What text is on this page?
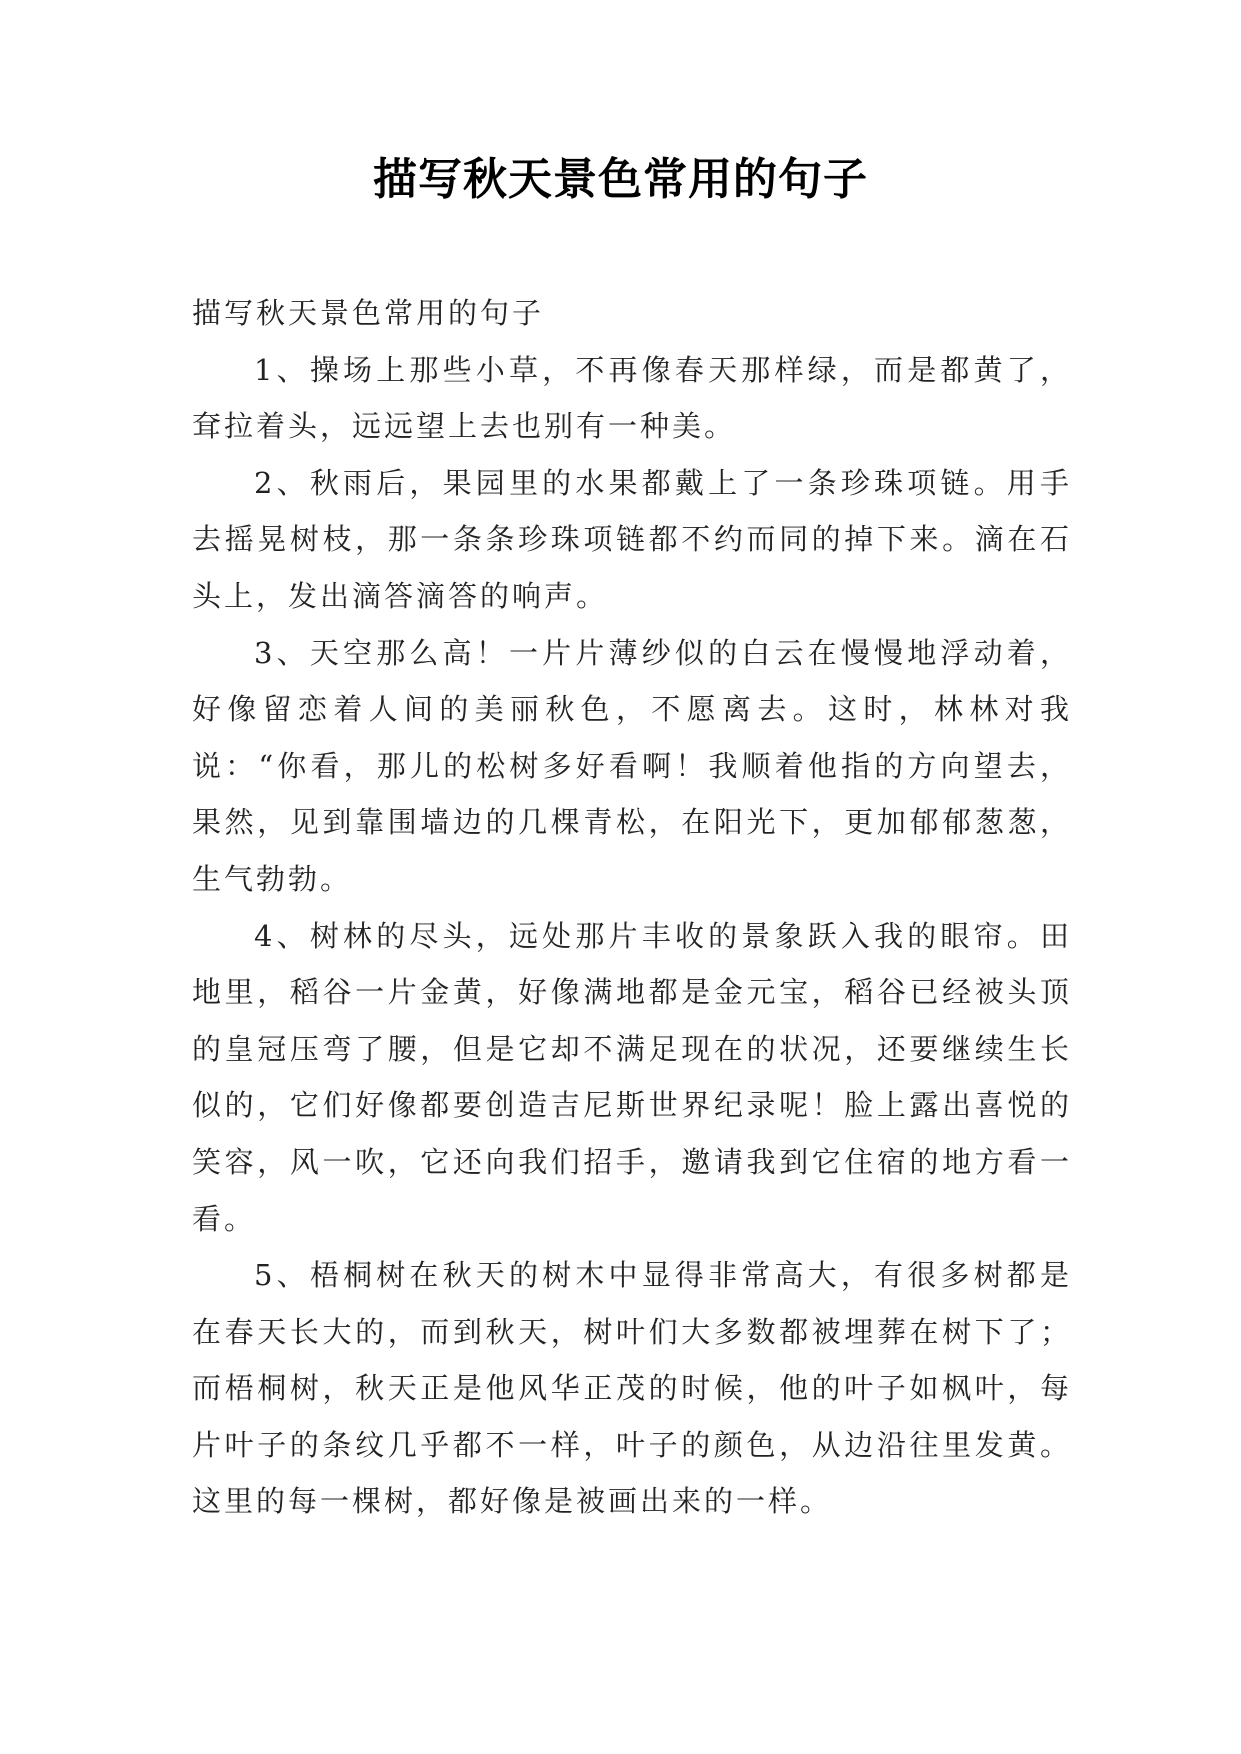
描写秋天景色常用的句子

描写秋天景色常用的句子

1、操场上那些小草，不再像春天那样绿，而是都黄了，耷拉着头，远远望上去也别有一种美。

2、秋雨后，果园里的水果都戴上了一条珍珠项链。用手去摇晃树枝，那一条条珍珠项链都不约而同的掉下来。滴在石头上，发出滴答滴答的响声。

3、天空那么高！一片片薄纱似的白云在慢慢地浮动着，好像留恋着人间的美丽秋色，不愿离去。这时，林林对我说：“你看，那儿的松树多好看啊！我顺着他指的方向望去，果然，见到靠围墙边的几棵青松，在阳光下，更加郁郁葱葱，生气勃勃。

4、树林的尽头，远处那片丰收的景象跃入我的眼帘。田地里，稻谷一片金黄，好像满地都是金元宝，稻谷已经被头顶的皇冠压弯了腰，但是它却不满足现在的状况，还要继续生长似的，它们好像都要创造吉尼斯世界纪录呢！脸上露出喜悦的笑容，风一吹，它还向我们招手，邀请我到它住宿的地方看一看。

5、梧桐树在秋天的树木中显得非常高大，有很多树都是在春天长大的，而到秋天，树叶们大多数都被埋葬在树下了；而梧桐树，秋天正是他风华正茂的时候，他的叶子如枫叶，每片叶子的条纹几乎都不一样，叶子的颜色，从边沿往里发黄。这里的每一棵树，都好像是被画出来的一样。
